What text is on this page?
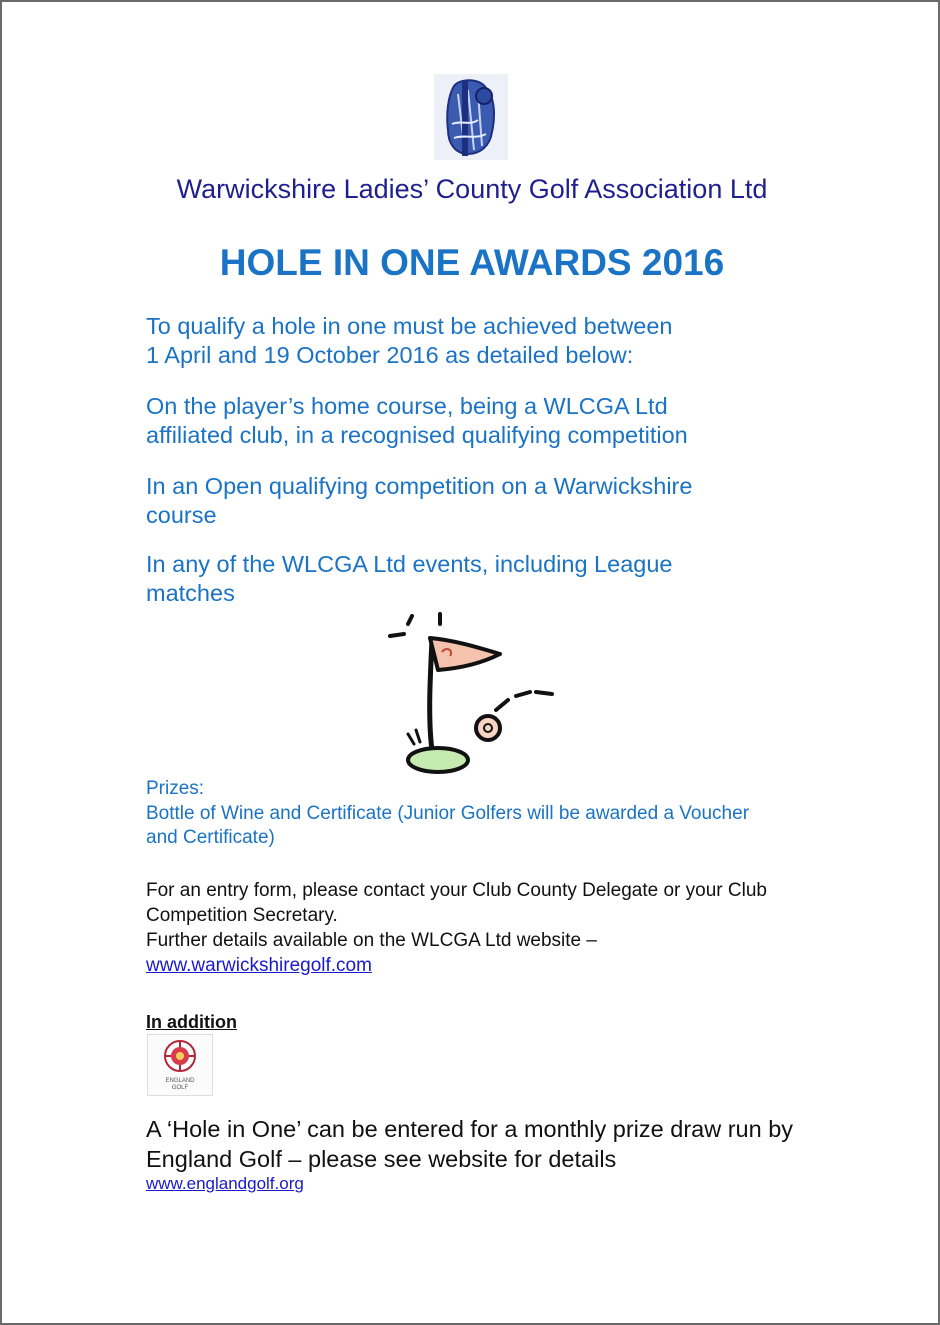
Warwickshire Ladies’ County Golf Association Ltd
HOLE IN ONE AWARDS 2016
To qualify a hole in one must be achieved between
1 April and 19 October 2016 as detailed below:
On the player’s home course, being a WLCGA Ltd affiliated club, in a recognised qualifying competition
In an Open qualifying competition on a Warwickshire course
In any of the WLCGA Ltd events, including League matches
Prizes:
Bottle of Wine and Certificate (Junior Golfers will be awarded a Voucher and Certificate)
For an entry form, please contact your Club County Delegate or your Club Competition Secretary.
Further details available on the WLCGA Ltd website –
www.warwickshiregolf.com
In addition
ENGLAND
GOLF
A ‘Hole in One’ can be entered for a monthly prize draw run by England Golf – please see website for details
www.englandgolf.org
